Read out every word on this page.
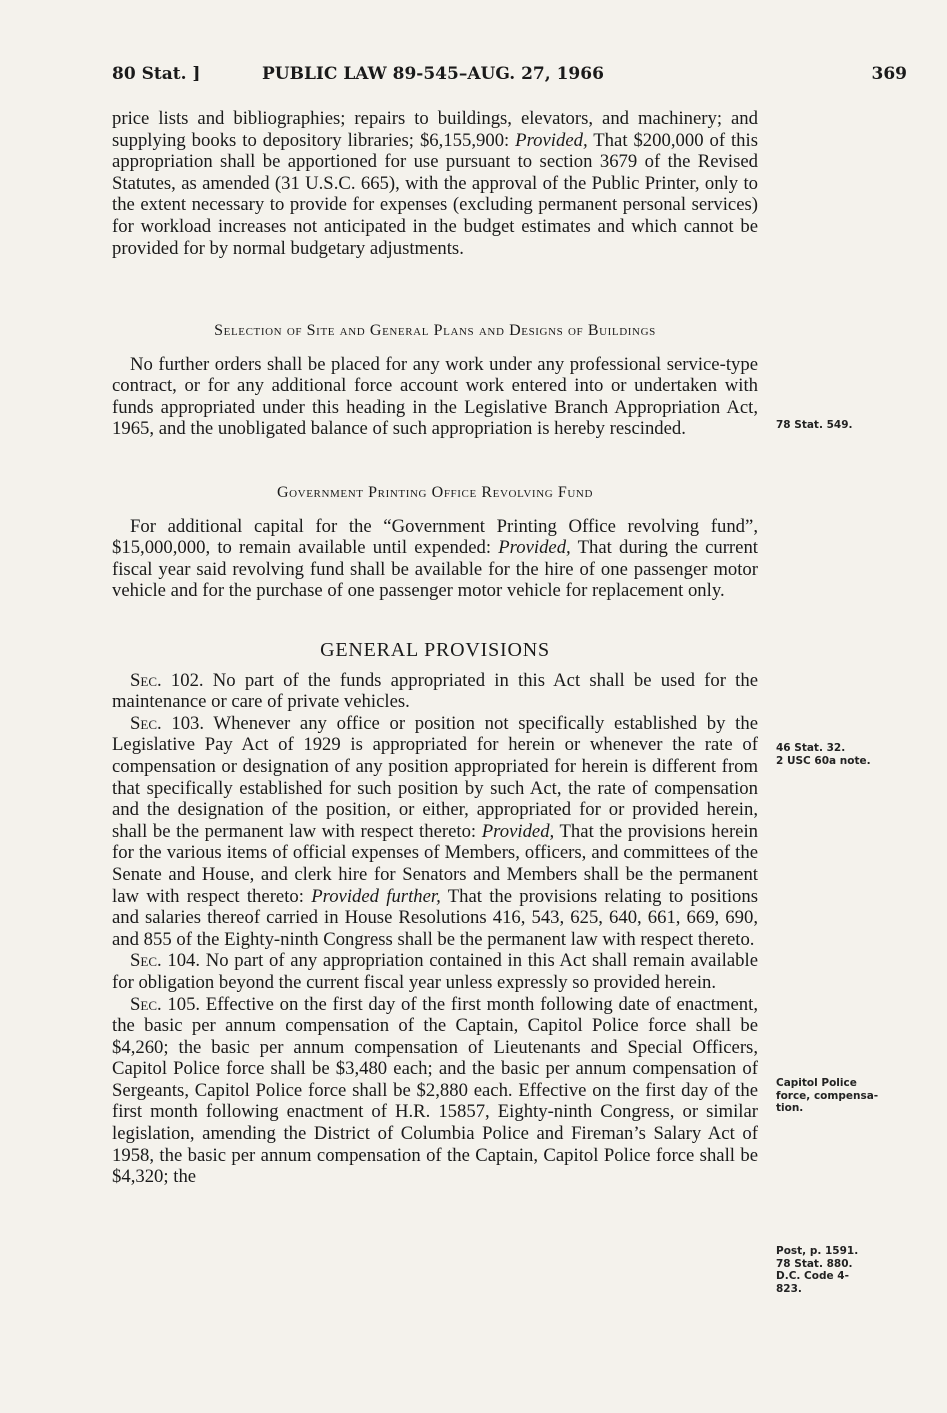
80 Stat. ]	PUBLIC LAW 89-545–AUG. 27, 1966	369

price lists and bibliographies; repairs to buildings, elevators, and machinery; and supplying books to depository libraries; $6,155,900: Provided, That $200,000 of this appropriation shall be apportioned for use pursuant to section 3679 of the Revised Statutes, as amended (31 U.S.C. 665), with the approval of the Public Printer, only to the extent necessary to provide for expenses (excluding permanent personal services) for workload increases not anticipated in the budget estimates and which cannot be provided for by normal budgetary adjustments.

Selection of Site and General Plans and Designs of Buildings

No further orders shall be placed for any work under any professional service-type contract, or for any additional force account work entered into or undertaken with funds appropriated under this heading in the Legislative Branch Appropriation Act, 1965, and the unobligated balance of such appropriation is hereby rescinded.

Government Printing Office Revolving Fund

For additional capital for the “Government Printing Office revolving fund”, $15,000,000, to remain available until expended: Provided, That during the current fiscal year said revolving fund shall be available for the hire of one passenger motor vehicle and for the purchase of one passenger motor vehicle for replacement only.

GENERAL PROVISIONS

Sec. 102. No part of the funds appropriated in this Act shall be used for the maintenance or care of private vehicles.

Sec. 103. Whenever any office or position not specifically established by the Legislative Pay Act of 1929 is appropriated for herein or whenever the rate of compensation or designation of any position appropriated for herein is different from that specifically established for such position by such Act, the rate of compensation and the designation of the position, or either, appropriated for or provided herein, shall be the permanent law with respect thereto: Provided, That the provisions herein for the various items of official expenses of Members, officers, and committees of the Senate and House, and clerk hire for Senators and Members shall be the permanent law with respect thereto: Provided further, That the provisions relating to positions and salaries thereof carried in House Resolutions 416, 543, 625, 640, 661, 669, 690, and 855 of the Eighty-ninth Congress shall be the permanent law with respect thereto.

Sec. 104. No part of any appropriation contained in this Act shall remain available for obligation beyond the current fiscal year unless expressly so provided herein.

Sec. 105. Effective on the first day of the first month following date of enactment, the basic per annum compensation of the Captain, Capitol Police force shall be $4,260; the basic per annum compensation of Lieutenants and Special Officers, Capitol Police force shall be $3,480 each; and the basic per annum compensation of Sergeants, Capitol Police force shall be $2,880 each. Effective on the first day of the first month following enactment of H.R. 15857, Eighty-ninth Congress, or similar legislation, amending the District of Columbia Police and Fireman’s Salary Act of 1958, the basic per annum compensation of the Captain, Capitol Police force shall be $4,320; the

78 Stat. 549.
46 Stat. 32.
2 USC 60a note.
Capitol Police
force, compensa-
tion.
Post, p. 1591.
78 Stat. 880.
D.C. Code 4-
823.
